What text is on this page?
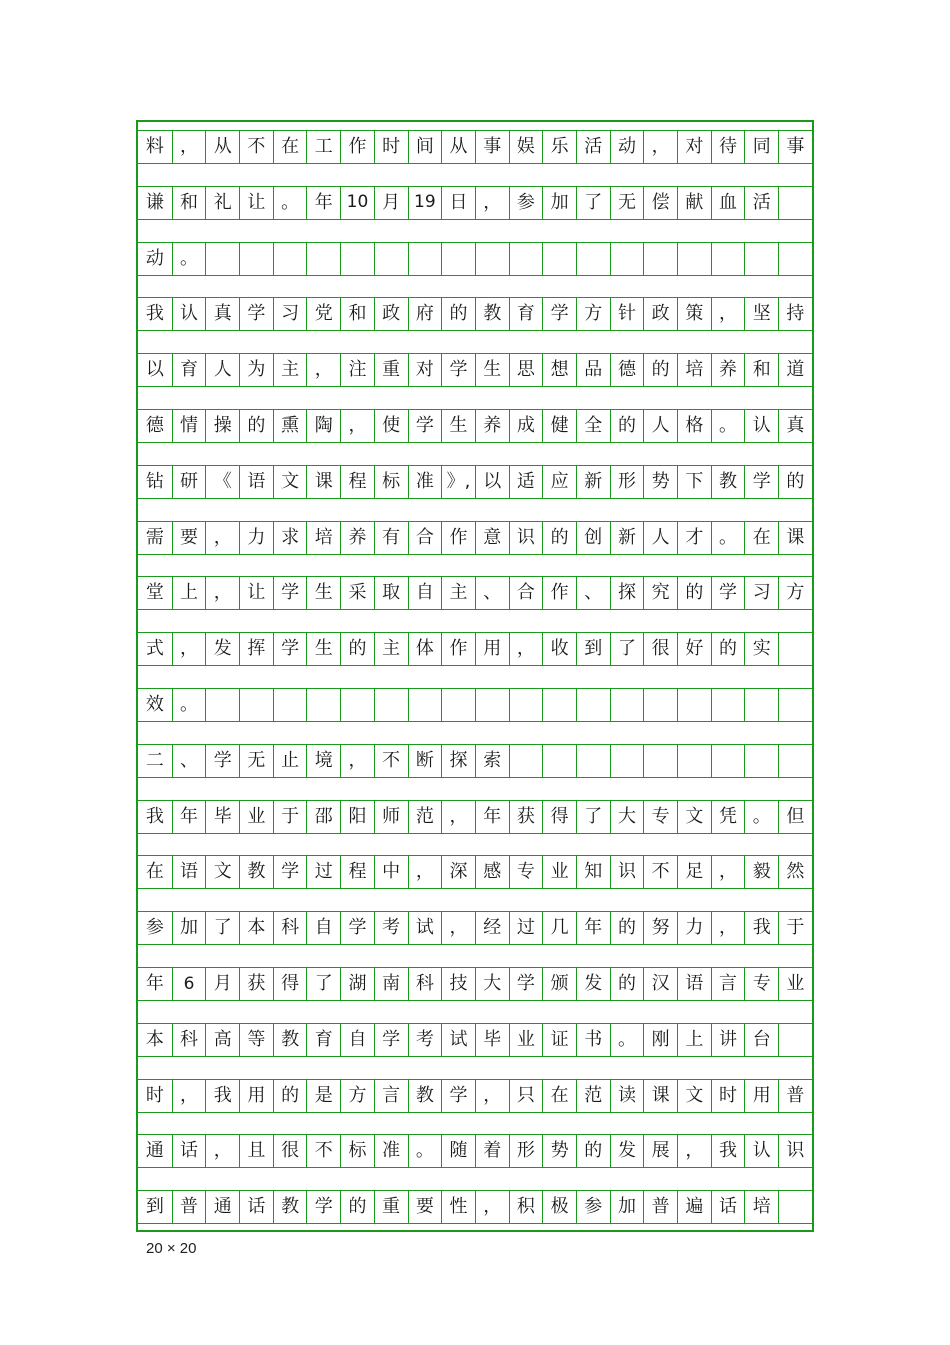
料 ， 从 不 在 工 作 时 间 从 事 娱 乐 活 动 ， 对 待 同 事
谦 和 礼 让 。 年 10 月 19 日 ， 参 加 了 无 偿 献 血 活
动 。
我 认 真 学 习 党 和 政 府 的 教 育 学 方 针 政 策 ， 坚 持
以 育 人 为 主 ， 注 重 对 学 生 思 想 品 德 的 培 养 和 道
德 情 操 的 熏 陶 ， 使 学 生 养 成 健 全 的 人 格 。 认 真
钻 研 《 语 文 课 程 标 准 》, 以 适 应 新 形 势 下 教 学 的
需 要 ， 力 求 培 养 有 合 作 意 识 的 创 新 人 才 。 在 课
堂 上 ， 让 学 生 采 取 自 主 、 合 作 、 探 究 的 学 习 方
式 ， 发 挥 学 生 的 主 体 作 用 ， 收 到 了 很 好 的 实
效 。
二 、 学 无 止 境 ， 不 断 探 索
我 年 毕 业 于 邵 阳 师 范 ， 年 获 得 了 大 专 文 凭 。 但
在 语 文 教 学 过 程 中 ， 深 感 专 业 知 识 不 足 ， 毅 然
参 加 了 本 科 自 学 考 试 ， 经 过 几 年 的 努 力 ， 我 于
年	6	月 获 得 了 湖 南 科 技 大 学 颁 发 的 汉 语 言 专 业
本 科 高 等 教 育 自 学 考 试 毕 业 证 书 。 刚 上 讲 台
时 ， 我 用 的 是 方 言 教 学 ， 只 在 范 读 课 文 时 用 普
通 话 ， 且 很 不 标 准 。 随 着 形 势 的 发 展 ， 我 认 识
到 普 通 话 教 学 的 重 要 性 ， 积 极 参 加 普 遍 话 培
20 × 20
